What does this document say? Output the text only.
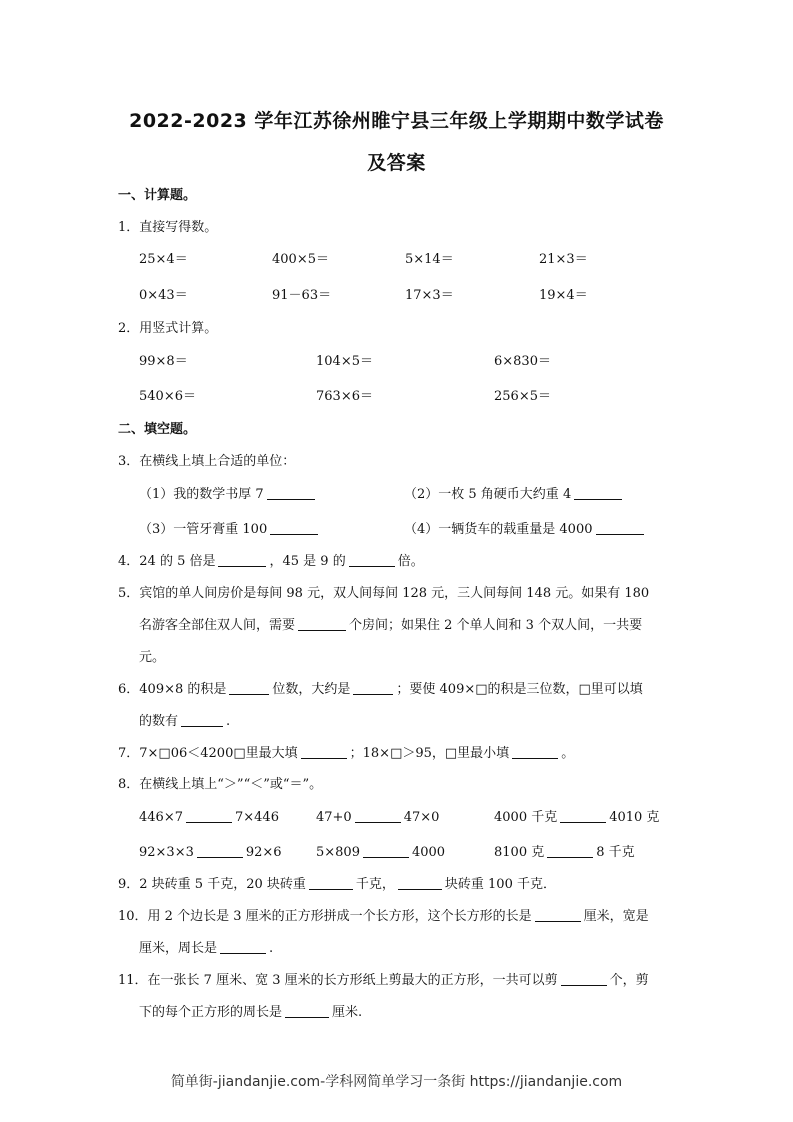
2022-2023 学年江苏徐州睢宁县三年级上学期期中数学试卷
及答案
一、计算题。
1．直接写得数。
25×4＝	400×5＝	5×14＝	21×3＝
0×43＝	91－63＝	17×3＝	19×4＝
2．用竖式计算。
99×8＝	104×5＝	6×830＝
540×6＝	763×6＝	256×5＝
二、填空题。
3．在横线上填上合适的单位：
（1）我的数学书厚 7	（2）一枚 5 角硬币大约重 4
（3）一管牙膏重 100	（4）一辆货车的载重量是 4000
4．24 的 5 倍是	，45 是 9 的	倍。
5．宾馆的单人间房价是每间 98 元，双人间每间 128 元，三人间每间 148 元。如果有 180
名游客全部住双人间，需要	个房间；如果住 2 个单人间和 3 个双人间，一共要
元。
6．409×8 的积是	位数，大约是	；要使 409×□的积是三位数，□里可以填
的数有	.
7．7×□06＜4200□里最大填	；18×□＞95，□里最小填	。
8．在横线上填上“＞”“＜”或“＝”。
446×7	7×446	47+0	47×0	4000 千克	4010 克
92×3×3	92×6	5×809	4000	8100 克	8 千克
9．2 块砖重 5 千克，20 块砖重	千克，	块砖重 100 千克．
10．用 2 个边长是 3 厘米的正方形拼成一个长方形，这个长方形的长是	厘米，宽是
厘米，周长是	.
11．在一张长 7 厘米、宽 3 厘米的长方形纸上剪最大的正方形，一共可以剪	个，剪
下的每个正方形的周长是	厘米.
简单街-jiandanjie.com-学科网简单学习一条街 https://jiandanjie.com
